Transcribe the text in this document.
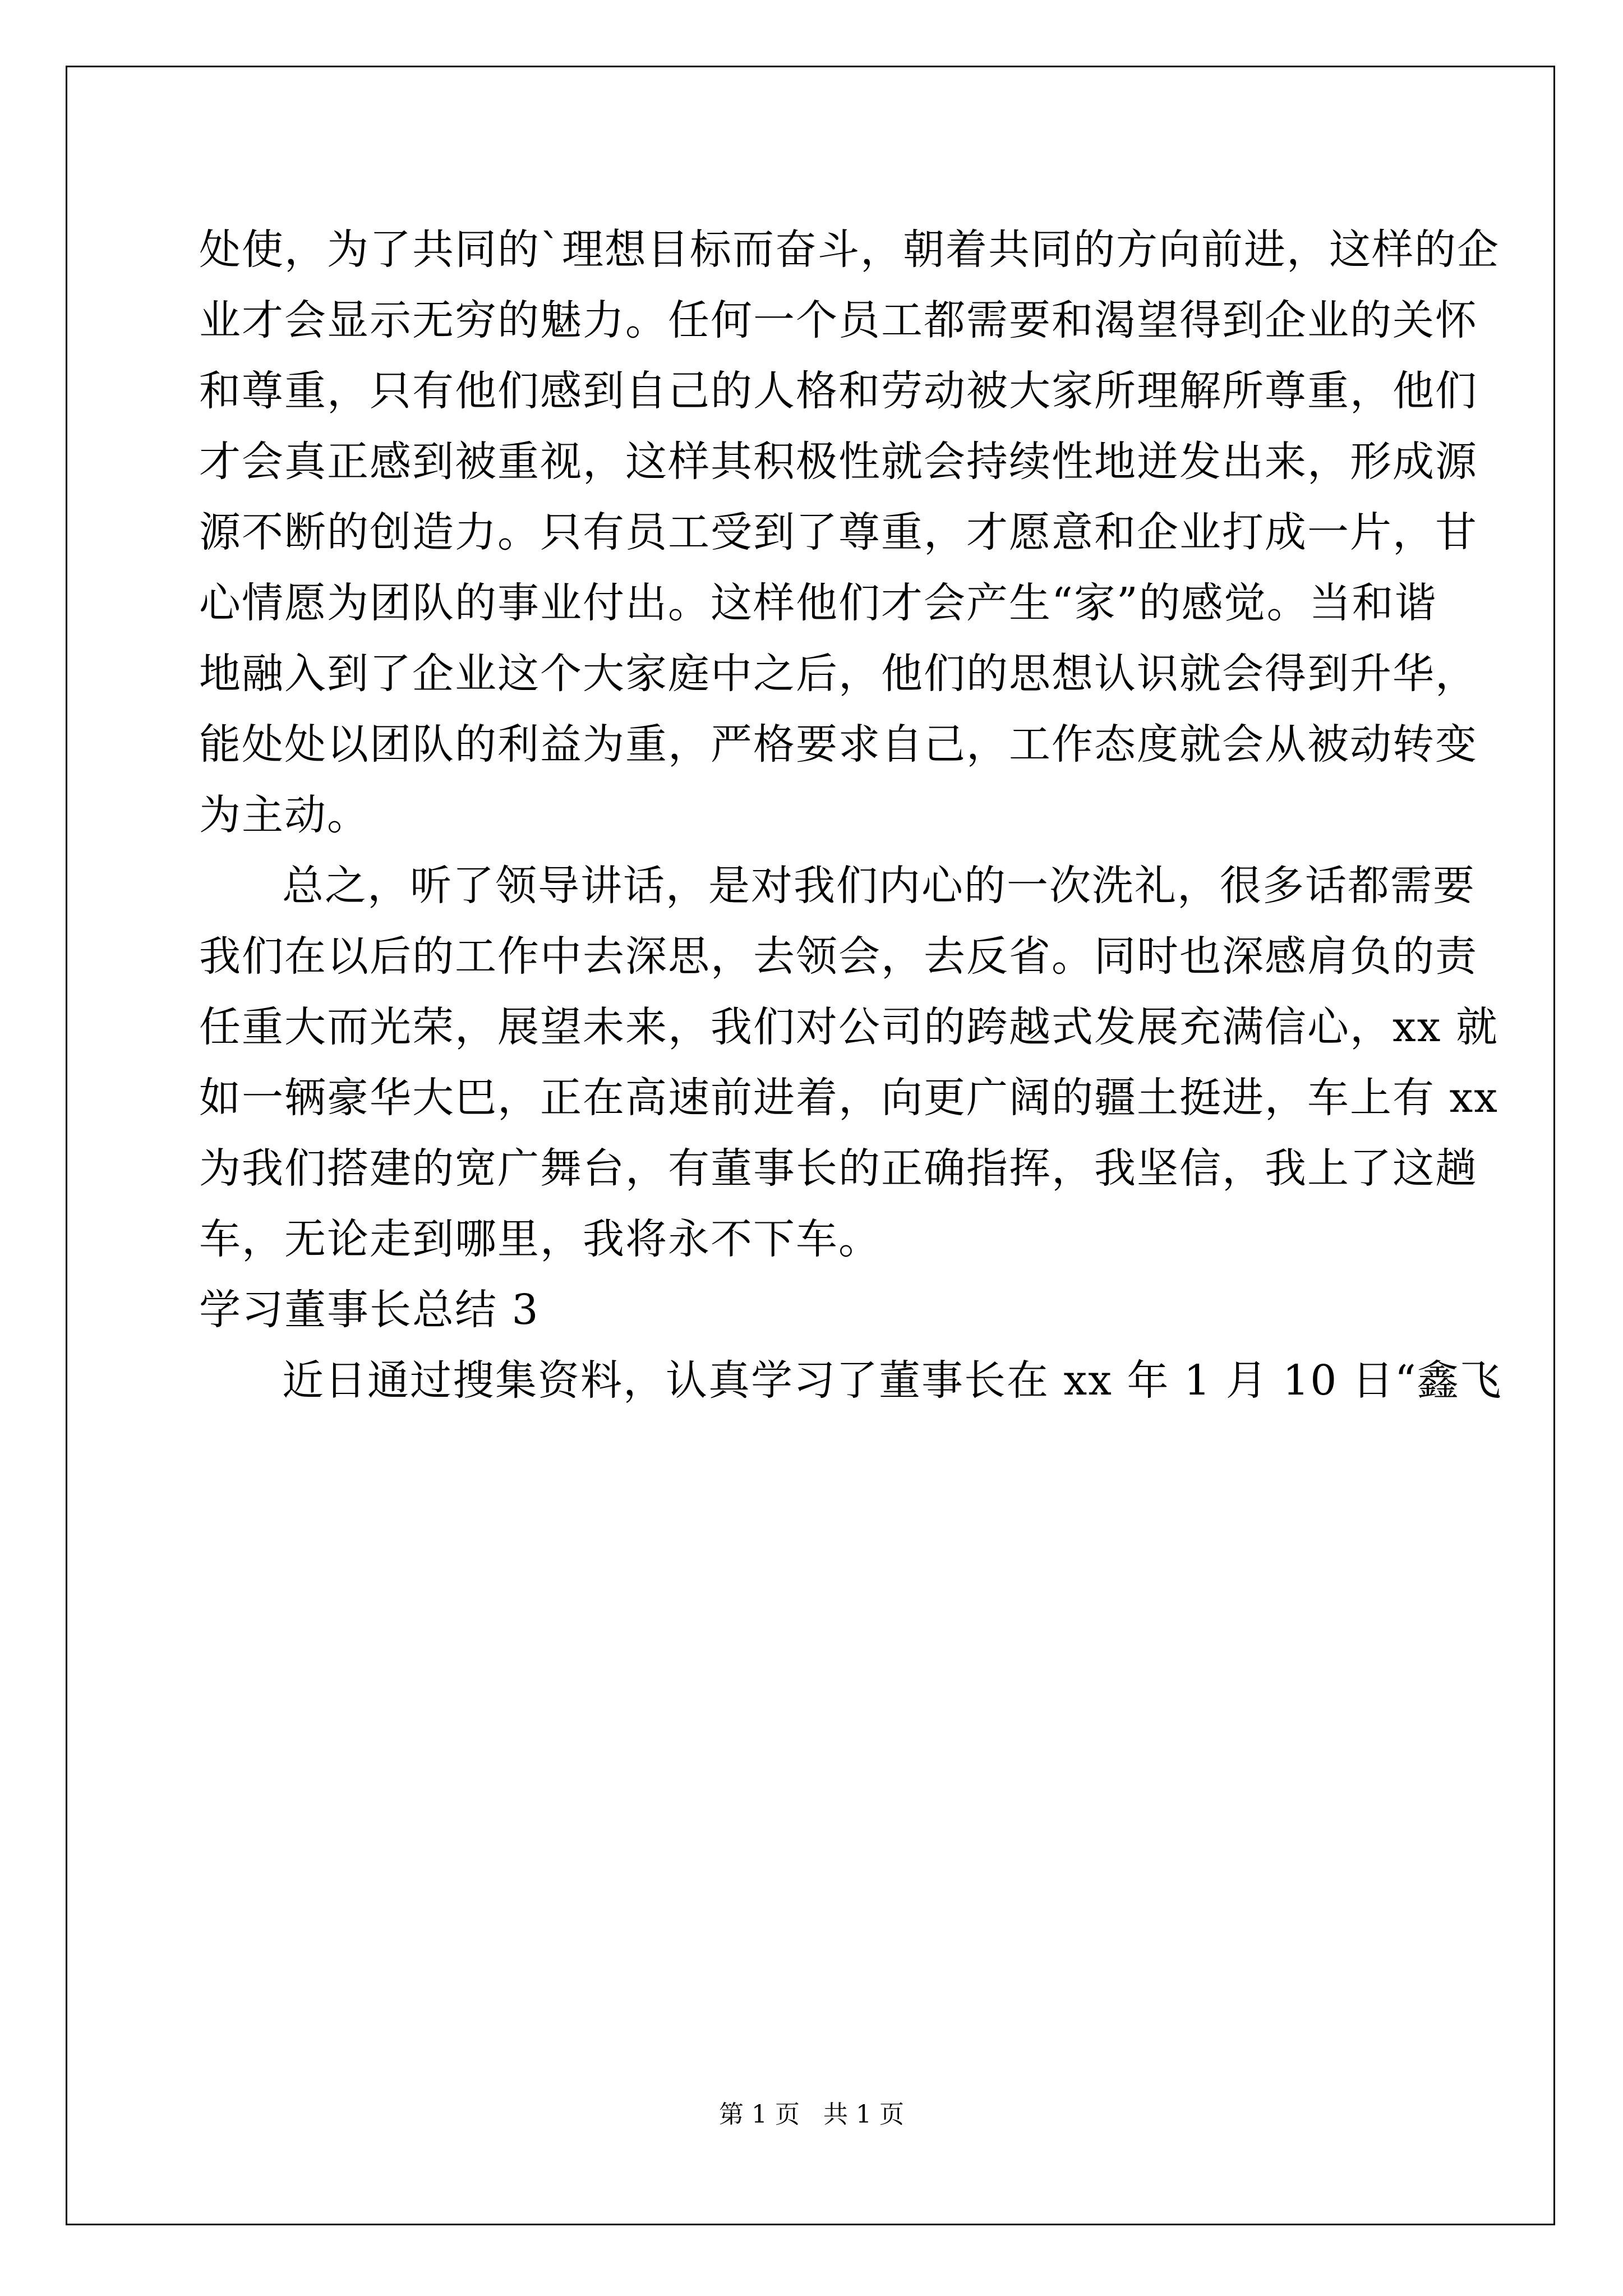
处使，为了共同的`理想目标而奋斗，朝着共同的方向前进，这样的企
业才会显示无穷的魅力。任何一个员工都需要和渴望得到企业的关怀
和尊重，只有他们感到自己的人格和劳动被大家所理解所尊重，他们
才会真正感到被重视，这样其积极性就会持续性地迸发出来，形成源
源不断的创造力。只有员工受到了尊重，才愿意和企业打成一片，甘
心情愿为团队的事业付出。这样他们才会产生“家”的感觉。当和谐
地融入到了企业这个大家庭中之后，他们的思想认识就会得到升华，
能处处以团队的利益为重，严格要求自己，工作态度就会从被动转变
为主动。
总之，听了领导讲话，是对我们内心的一次洗礼，很多话都需要
我们在以后的工作中去深思，去领会，去反省。同时也深感肩负的责
任重大而光荣，展望未来，我们对公司的跨越式发展充满信心，xx 就
如一辆豪华大巴，正在高速前进着，向更广阔的疆土挺进，车上有 xx
为我们搭建的宽广舞台，有董事长的正确指挥，我坚信，我上了这趟
车，无论走到哪里，我将永不下车。
学习董事长总结 3
近日通过搜集资料，认真学习了董事长在 xx 年 1 月 10 日“鑫飞
第 1 页   共 1 页
